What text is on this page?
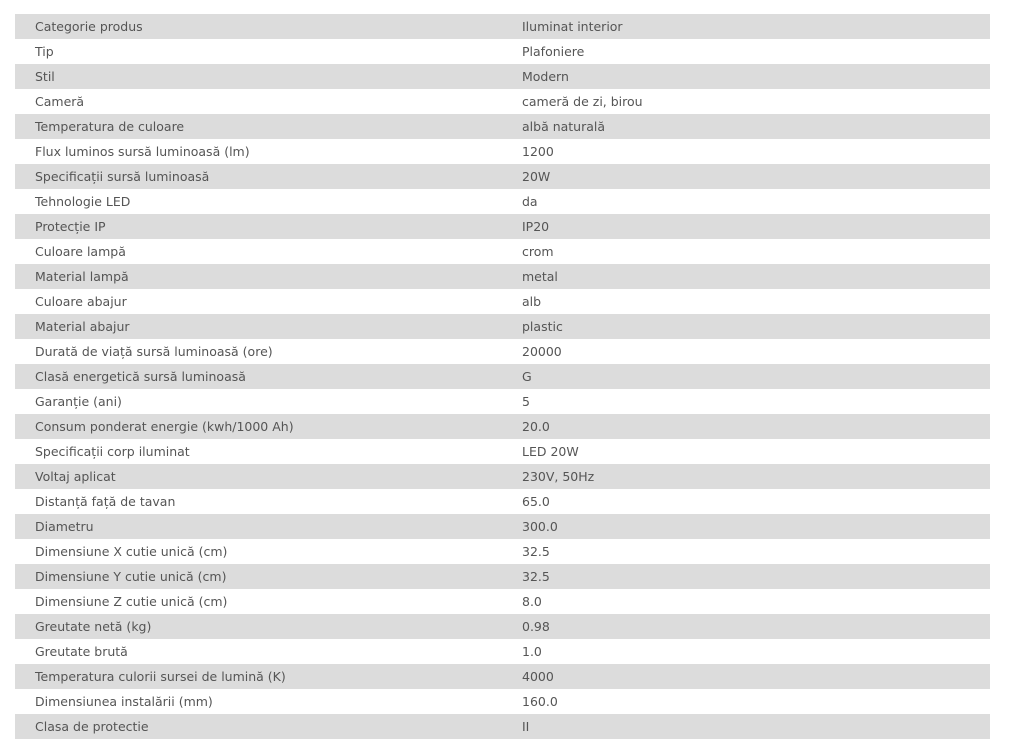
Categorie produs	Iluminat interior
Tip	Plafoniere
Stil	Modern
Cameră	cameră de zi, birou
Temperatura de culoare	albă naturală
Flux luminos sursă luminoasă (lm)	1200
Specificații sursă luminoasă	20W
Tehnologie LED	da
Protecție IP	IP20
Culoare lampă	crom
Material lampă	metal
Culoare abajur	alb
Material abajur	plastic
Durată de viață sursă luminoasă (ore)	20000
Clasă energetică sursă luminoasă	G
Garanție (ani)	5
Consum ponderat energie (kwh/1000 Ah)	20.0
Specificații corp iluminat	LED 20W
Voltaj aplicat	230V, 50Hz
Distanță față de tavan	65.0
Diametru	300.0
Dimensiune X cutie unică (cm)	32.5
Dimensiune Y cutie unică (cm)	32.5
Dimensiune Z cutie unică (cm)	8.0
Greutate netă (kg)	0.98
Greutate brută	1.0
Temperatura culorii sursei de lumină (K)	4000
Dimensiunea instalării (mm)	160.0
Clasa de protectie	II
